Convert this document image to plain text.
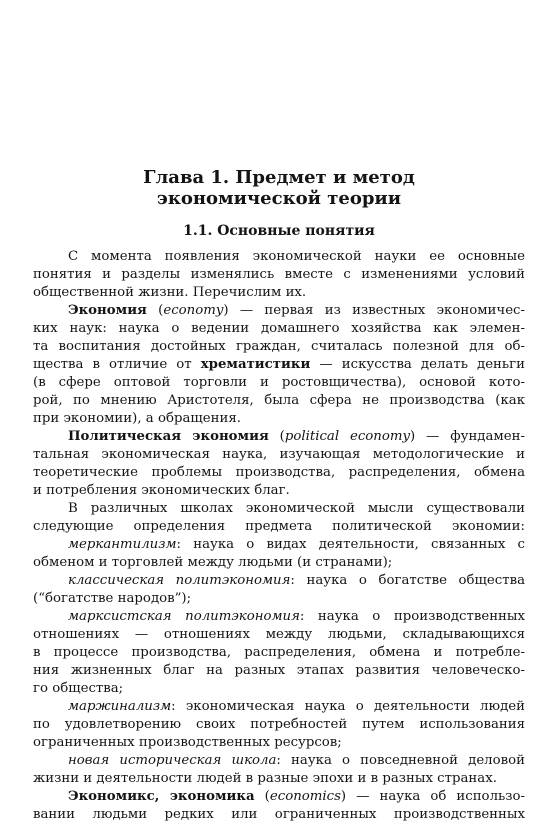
Глава 1. Предмет и метод
экономической теории
1.1. Основные понятия
С момента появления экономической науки ее основные
понятия и разделы изменялись вместе с изменениями условий
общественной жизни. Перечислим их.
Экономия (economy) — первая из известных экономичес-
ких наук: наука о ведении домашнего хозяйства как элемен-
та воспитания достойных граждан, считалась полезной для об-
щества в отличие от хрематистики — искусства делать деньги
(в сфере оптовой торговли и ростовщичества), основой кото-
рой, по мнению Аристотеля, была сфера не производства (как
при экономии), а обращения.
Политическая экономия (political economy) — фундамен-
тальная экономическая наука, изучающая методологические и
теоретические проблемы производства, распределения, обмена
и потребления экономических благ.
В различных школах экономической мысли существовали
следующие определения предмета политической экономии:
меркантилизм: наука о видах деятельности, связанных с
обменом и торговлей между людьми (и странами);
классическая политэкономия: наука о богатстве общества
(“богатстве народов”);
марксистская политэкономия: наука о производственных
отношениях — отношениях между людьми, складывающихся
в процессе производства, распределения, обмена и потребле-
ния жизненных благ на разных этапах развития человеческо-
го общества;
маржинализм: экономическая наука о деятельности людей
по удовлетворению своих потребностей путем использования
ограниченных производственных ресурсов;
новая историческая школа: наука о повседневной деловой
жизни и деятельности людей в разные эпохи и в разных странах.
Экономикс, экономика (economics) — наука об использо-
вании людьми редких или ограниченных производственных
